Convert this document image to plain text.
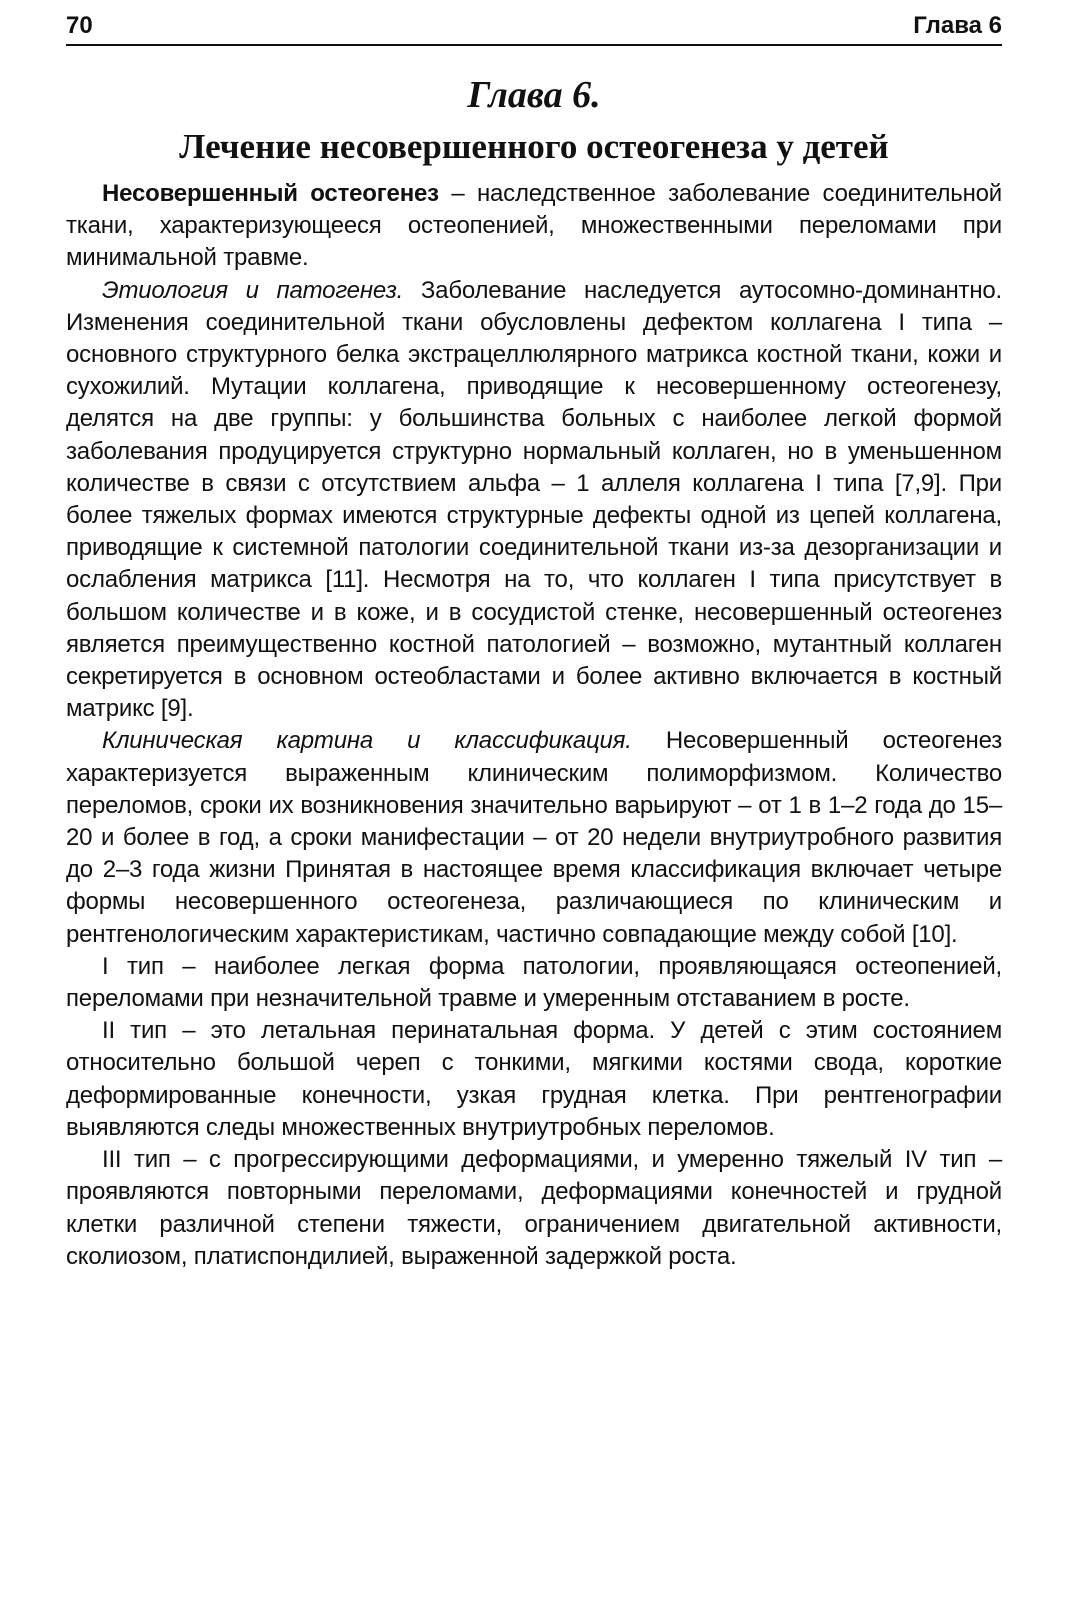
70	Глава 6
Глава 6.
Лечение несовершенного остеогенеза у детей

Несовершенный остеогенез – наследственное заболевание соединительной ткани, характеризующееся остеопенией, множественными переломами при минимальной травме.

Этиология и патогенез. Заболевание наследуется аутосомно-доминантно. Изменения соединительной ткани обусловлены дефектом коллагена I типа – основного структурного белка экстрацеллюлярного матрикса костной ткани, кожи и сухожилий. Мутации коллагена, приводящие к несовершенному остеогенезу, делятся на две группы: у большинства больных с наиболее легкой формой заболевания продуцируется структурно нормальный коллаген, но в уменьшенном количестве в связи с отсутствием альфа – 1 аллеля коллагена I типа [7,9]. При более тяжелых формах имеются структурные дефекты одной из цепей коллагена, приводящие к системной патологии соединительной ткани из-за дезорганизации и ослабления матрикса [11]. Несмотря на то, что коллаген I типа присутствует в большом количестве и в коже, и в сосудистой стенке, несовершенный остеогенез является преимущественно костной патологией – возможно, мутантный коллаген секретируется в основном остеобластами и более активно включается в костный матрикс [9].

Клиническая картина и классификация. Несовершенный остеогенез характеризуется выраженным клиническим полиморфизмом. Количество переломов, сроки их возникновения значительно варьируют – от 1 в 1–2 года до 15–20 и более в год, а сроки манифестации – от 20 недели внутриутробного развития до 2–3 года жизни Принятая в настоящее время классификация включает четыре формы несовершенного остеогенеза, различающиеся по клиническим и рентгенологическим характеристикам, частично совпадающие между собой [10].

I тип – наиболее легкая форма патологии, проявляющаяся остеопенией, переломами при незначительной травме и умеренным отставанием в росте.

II тип – это летальная перинатальная форма. У детей с этим состоянием относительно большой череп с тонкими, мягкими костями свода, короткие деформированные конечности, узкая грудная клетка. При рентгенографии выявляются следы множественных внутриутробных переломов.

III тип – с прогрессирующими деформациями, и умеренно тяжелый IV тип – проявляются повторными переломами, деформациями конечностей и грудной клетки различной степени тяжести, ограничением двигательной активности, сколиозом, платиспондилией, выраженной задержкой роста.
